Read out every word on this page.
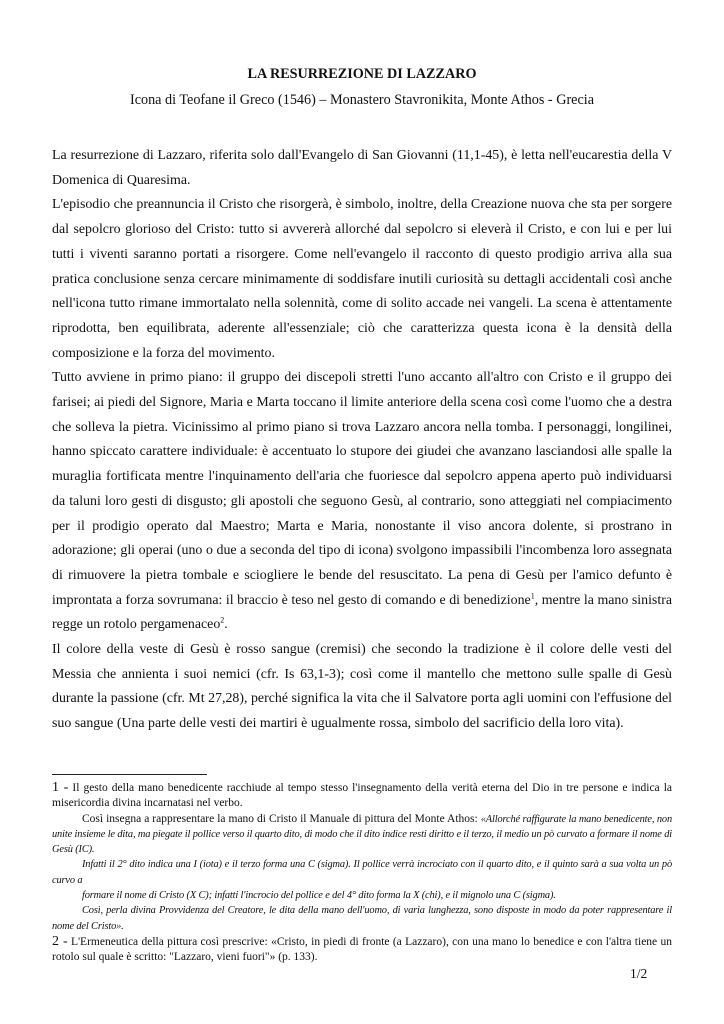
LA RESURREZIONE DI LAZZARO
Icona di Teofane il Greco (1546) – Monastero Stavronikita, Monte Athos - Grecia

La resurrezione di Lazzaro, riferita solo dall'Evangelo di San Giovanni (11,1-45), è letta nell'eucarestia della V Domenica di Quaresima.

L'episodio che preannuncia il Cristo che risorgerà, è simbolo, inoltre, della Creazione nuova che sta per sorgere dal sepolcro glorioso del Cristo: tutto si avvererà allorché dal sepolcro si eleverà il Cristo, e con lui e per lui tutti i viventi saranno portati a risorgere. Come nell'evangelo il racconto di questo prodigio arriva alla sua pratica conclusione senza cercare minimamente di soddisfare inutili curiosità su dettagli accidentali così anche nell'icona tutto rimane immortalato nella solennità, come di solito accade nei vangeli. La scena è attentamente riprodotta, ben equilibrata, aderente all'essenziale; ciò che caratterizza questa icona è la densità della composizione e la forza del movimento.

Tutto avviene in primo piano: il gruppo dei discepoli stretti l'uno accanto all'altro con Cristo e il gruppo dei farisei; ai piedi del Signore, Maria e Marta toccano il limite anteriore della scena così come l'uomo che a destra che solleva la pietra. Vicinissimo al primo piano si trova Lazzaro ancora nella tomba. I personaggi, longilinei, hanno spiccato carattere individuale: è accentuato lo stupore dei giudei che avanzano lasciandosi alle spalle la muraglia fortificata mentre l'inquinamento dell'aria che fuoriesce dal sepolcro appena aperto può individuarsi da taluni loro gesti di disgusto; gli apostoli che seguono Gesù, al contrario, sono atteggiati nel compiacimento per il prodigio operato dal Maestro; Marta e Maria, nonostante il viso ancora dolente, si prostrano in adorazione; gli operai (uno o due a seconda del tipo di icona) svolgono impassibili l'incombenza loro assegnata di rimuovere la pietra tombale e sciogliere le bende del resuscitato. La pena di Gesù per l'amico defunto è improntata a forza sovrumana: il braccio è teso nel gesto di comando e di benedizione$^1$, mentre la mano sinistra regge un rotolo pergamenaceo$^2$.

Il colore della veste di Gesù è rosso sangue (cremisi) che secondo la tradizione è il colore delle vesti del Messia che annienta i suoi nemici (cfr. Is 63,1-3); così come il mantello che mettono sulle spalle di Gesù durante la passione (cfr. Mt 27,28), perché significa la vita che il Salvatore porta agli uomini con l'effusione del suo sangue (Una parte delle vesti dei martiri è ugualmente rossa, simbolo del sacrificio della loro vita).

1 - Il gesto della mano benedicente racchiude al tempo stesso l'insegnamento della verità eterna del Dio in tre persone e indica la misericordia divina incarnatasi nel verbo.

Così insegna a rappresentare la mano di Cristo il Manuale di pittura del Monte Athos: «Allorché raffigurate la mano benedicente, non unite insieme le dita, ma piegate il pollice verso il quarto dito, di modo che il dito indice resti diritto e il terzo, il medio un pò curvato a formare il nome di Gesù (IC).

Infatti il 2° dito indica una I (iota) e il terzo forma una C (sigma). Il pollice verrà incrociato con il quarto dito, e il quinto sarà a sua volta un pò curvo a

formare il nome di Cristo (X C); infatti l'incrocio del pollice e del 4° dito forma la X (chi), e il mignolo una C (sigma).

Così, perla divina Provvidenza del Creatore, le dita della mano dell'uomo, di varia lunghezza, sono disposte in modo da poter rappresentare il nome del Cristo».

2 - L'Ermeneutica della pittura così prescrive: «Cristo, in piedi di fronte (a Lazzaro), con una mano lo benedice e con l'altra tiene un rotolo sul quale è scritto: "Lazzaro, vieni fuori"» (p. 133).

1/2
